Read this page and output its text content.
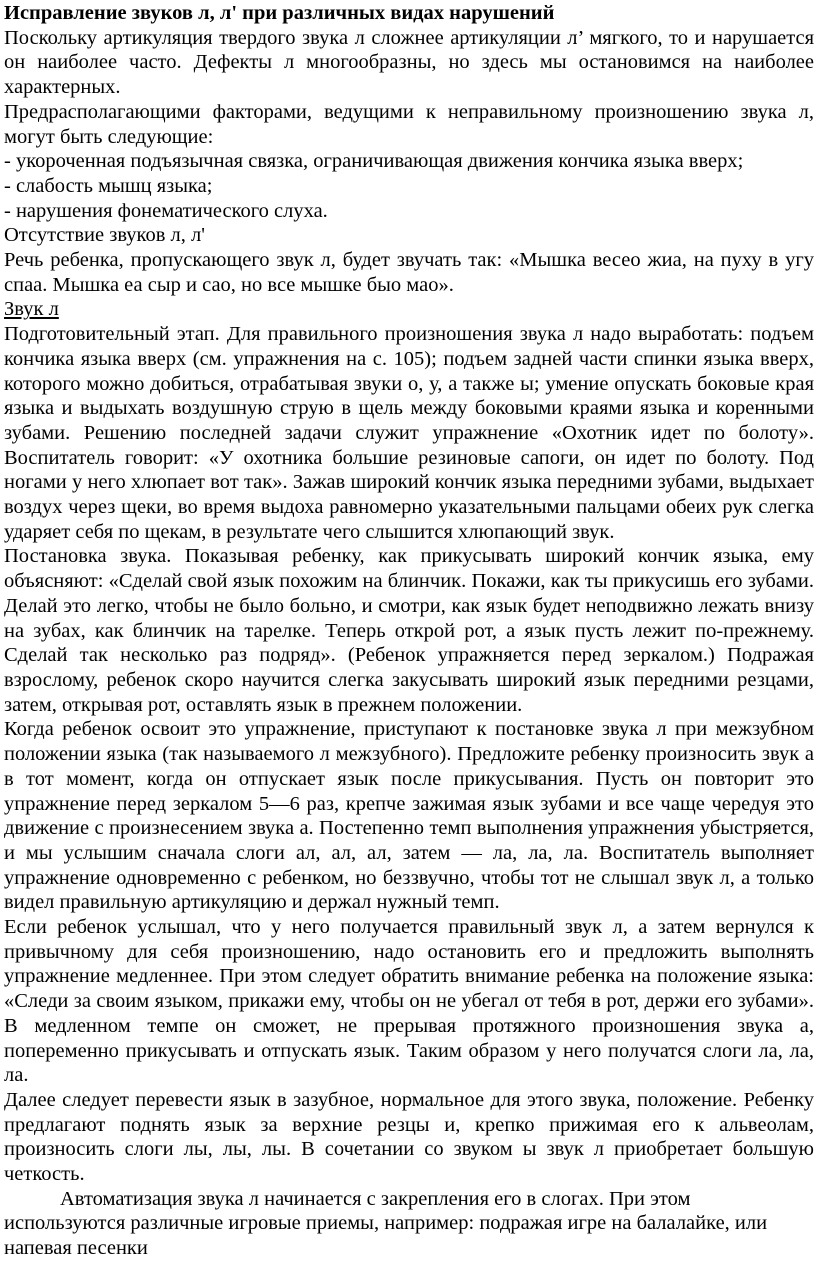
Исправление звуков л, л' при различных видах нарушений

Поскольку артикуляция твердого звука л сложнее артикуляции л’ мягкого, то и нарушается он наиболее часто. Дефекты л многообразны, но здесь мы остановимся на наиболее характерных.

Предрасполагающими факторами, ведущими к неправильному произношению звука л, могут быть следующие:

- укороченная подъязычная связка, ограничивающая движения кончика языка вверх;

- слабость мышц языка;

- нарушения фонематического слуха.

Отсутствие звуков л, л'

Речь ребенка, пропускающего звук л, будет звучать так: «Мышка весео жиа, на пуху в угу спаа. Мышка еа сыр и сао, но все мышке быо мао».

Звук л

Подготовительный этап. Для правильного произношения звука л надо выработать: подъем кончика языка вверх (см. упражнения на с. 105); подъем задней части спинки языка вверх, которого можно добиться, отрабатывая звуки о, у, а также ы; умение опускать боковые края языка и выдыхать воздушную струю в щель между боковыми краями языка и коренными зубами. Решению последней задачи служит упражнение «Охотник идет по болоту». Воспитатель говорит: «У охотника большие резиновые сапоги, он идет по болоту. Под ногами у него хлюпает вот так». Зажав широкий кончик языка передними зубами, выдыхает воздух через щеки, во время выдоха равномерно указательными пальцами обеих рук слегка ударяет себя по щекам, в результате чего слышится хлюпающий звук.

Постановка звука. Показывая ребенку, как прикусывать широкий кончик языка, ему объясняют: «Сделай свой язык похожим на блинчик. Покажи, как ты прикусишь его зубами. Делай это легко, чтобы не было больно, и смотри, как язык будет неподвижно лежать внизу на зубах, как блинчик на тарелке. Теперь открой рот, а язык пусть лежит по-прежнему. Сделай так несколько раз подряд». (Ребенок упражняется перед зеркалом.) Подражая взрослому, ребенок скоро научится слегка закусывать широкий язык передними резцами, затем, открывая рот, оставлять язык в прежнем положении.

Когда ребенок освоит это упражнение, приступают к постановке звука л при межзубном положении языка (так называемого л межзубного). Предложите ребенку произносить звук а в тот момент, когда он отпускает язык после прикусывания. Пусть он повторит это упражнение перед зеркалом 5—6 раз, крепче зажимая язык зубами и все чаще чередуя это движение с произнесением звука а. Постепенно темп выполнения упражнения убыстряется, и мы услышим сначала слоги ал, ал, ал, затем — ла, ла, ла. Воспитатель выполняет упражнение одновременно с ребенком, но беззвучно, чтобы тот не слышал звук л, а только видел правильную артикуляцию и держал нужный темп.

Если ребенок услышал, что у него получается правильный звук л, а затем вернулся к привычному для себя произношению, надо остановить его и предложить выполнять упражнение медленнее. При этом следует обратить внимание ребенка на положение языка: «Следи за своим языком, прикажи ему, чтобы он не убегал от тебя в рот, держи его зубами». В медленном темпе он сможет, не прерывая протяжного произношения звука а, попеременно прикусывать и отпускать язык. Таким образом у него получатся слоги ла, ла, ла.

Далее следует перевести язык в зазубное, нормальное для этого звука, положение. Ребенку предлагают поднять язык за верхние резцы и, крепко прижимая его к альвеолам, произносить слоги лы, лы, лы. В сочетании со звуком ы звук л приобретает большую четкость.

Автоматизация звука л начинается с закрепления его в слогах. При этом используются различные игровые приемы, например: подражая игре на балалайке, или напевая песенки
